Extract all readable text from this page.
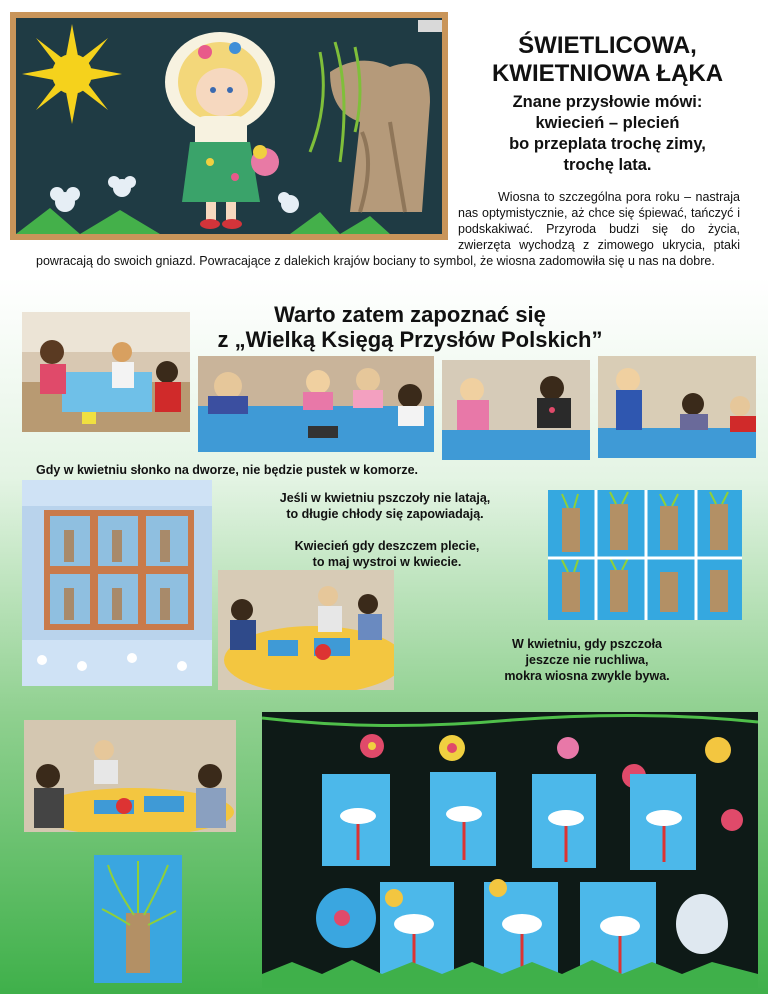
ŚWIETLICOWA,
KWIETNIOWA ŁĄKA
Znane przysłowie mówi:
kwiecień – plecień
bo przeplata trochę zimy,
trochę lata.
Wiosna to szczególna pora roku – nastraja nas optymistycznie, aż chce się śpiewać, tańczyć i podskakiwać. Przyroda budzi się do życia, zwierzęta wychodzą z zimowego ukrycia, ptaki powracają do swoich gniazd. Powracające z dalekich krajów bociany to symbol, że wiosna zadomowiła się u nas na dobre.
Warto zatem zapoznać się
z „Wielką Księgą Przysłów Polskich”
Gdy w kwietniu słonko na dworze, nie będzie pustek w komorze.
Jeśli w kwietniu pszczoły nie latają,
to długie chłody się zapowiadają.
Kwiecień gdy deszczem plecie,
to maj wystroi w kwiecie.
W kwietniu, gdy pszczoła
jeszcze nie ruchliwa,
mokra wiosna zwykle bywa.
